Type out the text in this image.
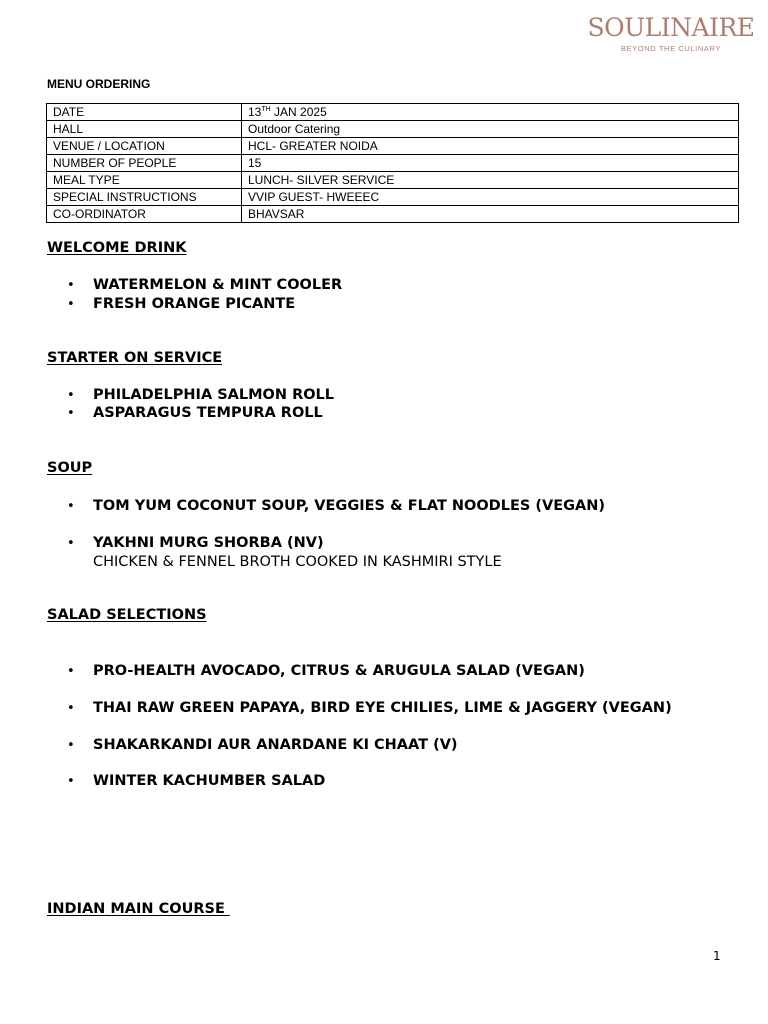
SOULINAIRE
BEYOND THE CULINARY
MENU ORDERING
DATE	13TH JAN 2025
HALL	Outdoor Catering
VENUE / LOCATION	HCL- GREATER NOIDA
NUMBER OF PEOPLE	15
MEAL TYPE	LUNCH- SILVER SERVICE
SPECIAL INSTRUCTIONS	VVIP GUEST- HWEEEC
CO-ORDINATOR	BHAVSAR
WELCOME DRINK
• WATERMELON & MINT COOLER
• FRESH ORANGE PICANTE
STARTER ON SERVICE
• PHILADELPHIA SALMON ROLL
• ASPARAGUS TEMPURA ROLL
SOUP
• TOM YUM COCONUT SOUP, VEGGIES & FLAT NOODLES (VEGAN)
• YAKHNI MURG SHORBA (NV)
CHICKEN & FENNEL BROTH COOKED IN KASHMIRI STYLE
SALAD SELECTIONS
• PRO-HEALTH AVOCADO, CITRUS & ARUGULA SALAD (VEGAN)
• THAI RAW GREEN PAPAYA, BIRD EYE CHILIES, LIME & JAGGERY (VEGAN)
• SHAKARKANDI AUR ANARDANE KI CHAAT (V)
• WINTER KACHUMBER SALAD
INDIAN MAIN COURSE
1
